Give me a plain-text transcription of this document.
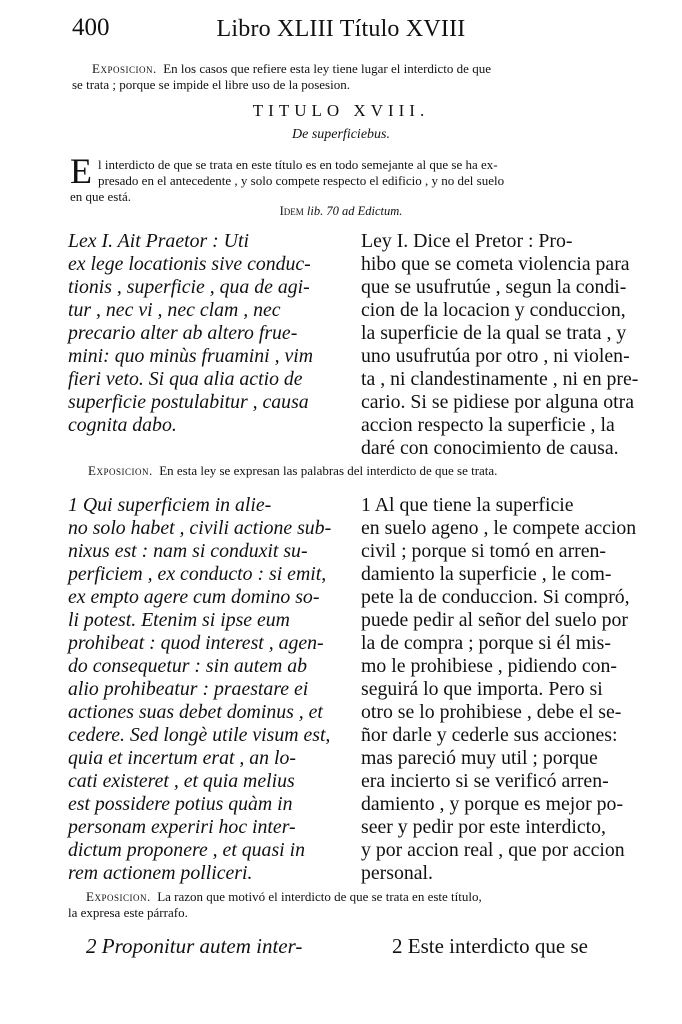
400	Libro XLIII Título XVIII
Exposicion. En los casos que refiere esta ley tiene lugar el interdicto de que
se trata ; porque se impide el libre uso de la posesion.
TITULO XVIII.
De superficiebus.
E l interdicto de que se trata en este título es en todo semejante al que se ha ex-
presado en el antecedente , y solo compete respecto el edificio , y no del suelo
en que está.
Idem lib. 70 ad Edictum.
Lex I. Ait Praetor : Uti
ex lege locationis sive conduc-
tionis , superficie , qua de agi-
tur , nec vi , nec clam , nec
precario alter ab altero frue-
mini: quo minùs fruamini , vim
fieri veto. Si qua alia actio de
superficie postulabitur , causa
cognita dabo.
Ley I. Dice el Pretor : Pro-
hibo que se cometa violencia para
que se usufrutúe , segun la condi-
cion de la locacion y conduccion,
la superficie de la qual se trata , y
uno usufrutúa por otro , ni violen-
ta , ni clandestinamente , ni en pre-
cario. Si se pidiese por alguna otra
accion respecto la superficie , la
daré con conocimiento de causa.
Exposicion. En esta ley se expresan las palabras del interdicto de que se trata.
1 Qui superficiem in alie-
no solo habet , civili actione sub-
nixus est : nam si conduxit su-
perficiem , ex conducto : si emit,
ex empto agere cum domino so-
li potest. Etenim si ipse eum
prohibeat : quod interest , agen-
do consequetur : sin autem ab
alio prohibeatur : praestare ei
actiones suas debet dominus , et
cedere. Sed longè utile visum est,
quia et incertum erat , an lo-
cati existeret , et quia melius
est possidere potius quàm in
personam experiri hoc inter-
dictum proponere , et quasi in
rem actionem polliceri.
1 Al que tiene la superficie
en suelo ageno , le compete accion
civil ; porque si tomó en arren-
damiento la superficie , le com-
pete la de conduccion. Si compró,
puede pedir al señor del suelo por
la de compra ; porque si él mis-
mo le prohibiese , pidiendo con-
seguirá lo que importa. Pero si
otro se lo prohibiese , debe el se-
ñor darle y cederle sus acciones:
mas pareció muy util ; porque
era incierto si se verificó arren-
damiento , y porque es mejor po-
seer y pedir por este interdicto,
y por accion real , que por accion
personal.
Exposicion. La razon que motivó el interdicto de que se trata en este título,
la expresa este párrafo.
2 Proponitur autem inter-	2 Este interdicto que se
